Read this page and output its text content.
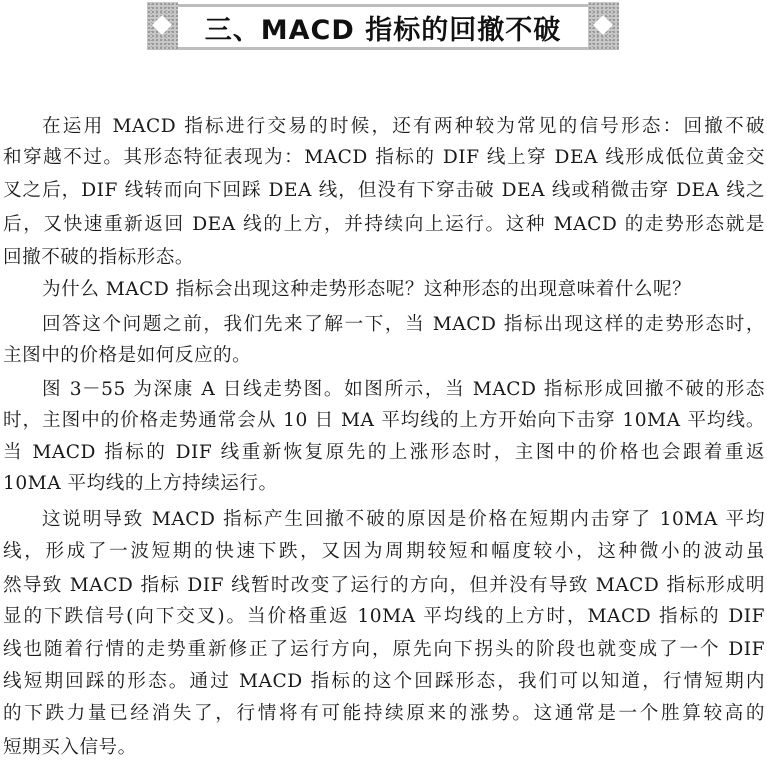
三、MACD 指标的回撤不破
在运用 MACD 指标进行交易的时候，还有两种较为常见的信号形态：回撤不破
和穿越不过。其形态特征表现为：MACD 指标的 DIF 线上穿 DEA 线形成低位黄金交
叉之后，DIF 线转而向下回踩 DEA 线，但没有下穿击破 DEA 线或稍微击穿 DEA 线之
后，又快速重新返回 DEA 线的上方，并持续向上运行。这种 MACD 的走势形态就是
回撤不破的指标形态。
为什么 MACD 指标会出现这种走势形态呢？这种形态的出现意味着什么呢？
回答这个问题之前，我们先来了解一下，当 MACD 指标出现这样的走势形态时，
主图中的价格是如何反应的。
图 3－55 为深康 A 日线走势图。如图所示，当 MACD 指标形成回撤不破的形态
时，主图中的价格走势通常会从 10 日 MA 平均线的上方开始向下击穿 10MA 平均线。
当 MACD 指标的 DIF 线重新恢复原先的上涨形态时，主图中的价格也会跟着重返
10MA 平均线的上方持续运行。
这说明导致 MACD 指标产生回撤不破的原因是价格在短期内击穿了 10MA 平均
线，形成了一波短期的快速下跌，又因为周期较短和幅度较小，这种微小的波动虽
然导致 MACD 指标 DIF 线暂时改变了运行的方向，但并没有导致 MACD 指标形成明
显的下跌信号(向下交叉)。当价格重返 10MA 平均线的上方时，MACD 指标的 DIF
线也随着行情的走势重新修正了运行方向，原先向下拐头的阶段也就变成了一个 DIF
线短期回踩的形态。通过 MACD 指标的这个回踩形态，我们可以知道，行情短期内
的下跌力量已经消失了，行情将有可能持续原来的涨势。这通常是一个胜算较高的
短期买入信号。
